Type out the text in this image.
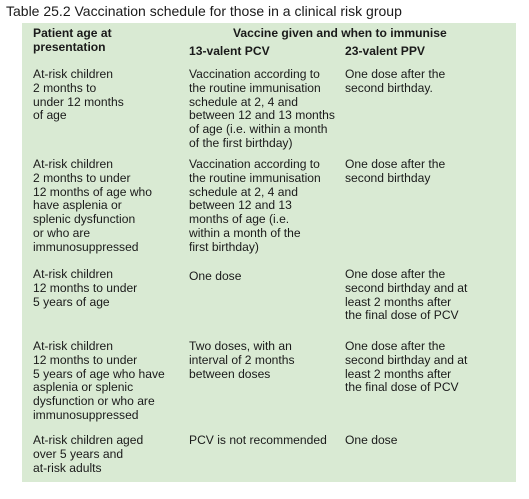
Table 25.2 Vaccination schedule for those in a clinical risk group
Patient age at
presentation
Vaccine given and when to immunise
13-valent PCV	23-valent PPV
At-risk children
2 months to
under 12 months
of age
Vaccination according to
the routine immunisation
schedule at 2, 4 and
between 12 and 13 months
of age (i.e. within a month
of the first birthday)
One dose after the
second birthday.
At-risk children
2 months to under
12 months of age who
have asplenia or
splenic dysfunction
or who are
immunosuppressed
Vaccination according to
the routine immunisation
schedule at 2, 4 and
between 12 and 13
months of age (i.e.
within a month of the
first birthday)
One dose after the
second birthday
At-risk children
12 months to under
5 years of age
One dose	One dose after the
second birthday and at
least 2 months after
the final dose of PCV
At-risk children
12 months to under
5 years of age who have
asplenia or splenic
dysfunction or who are
immunosuppressed
Two doses, with an
interval of 2 months
between doses
One dose after the
second birthday and at
least 2 months after
the final dose of PCV
At-risk children aged
over 5 years and
at-risk adults
PCV is not recommended One dose
